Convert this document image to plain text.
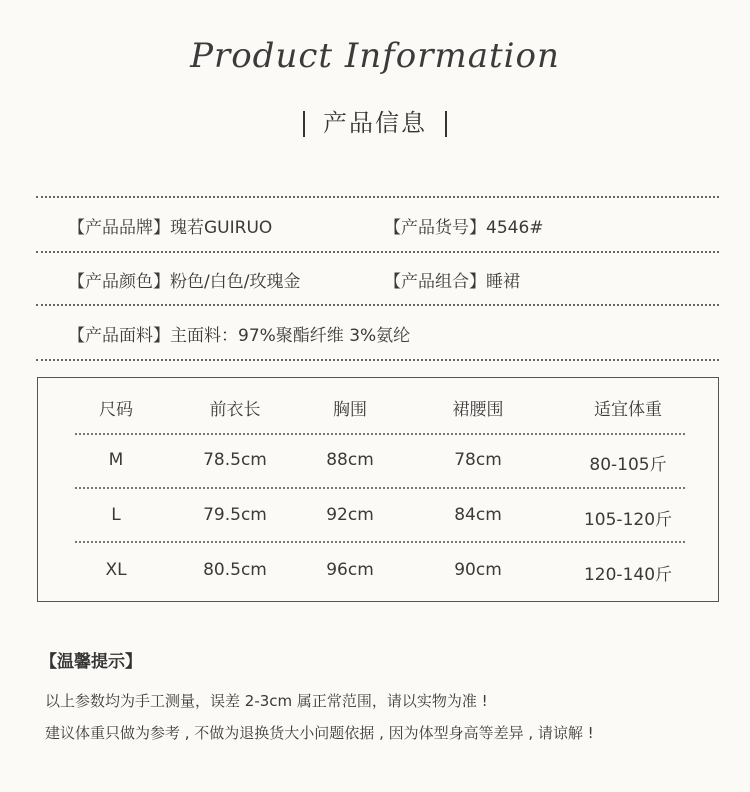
Product Information
产品信息
【产品品牌】瑰若GUIRUO	【产品货号】4546#
【产品颜色】粉色/白色/玫瑰金	【产品组合】睡裙
【产品面料】主面料：97%聚酯纤维 3%氨纶
尺码	前衣长	胸围	裙腰围	适宜体重
M	78.5cm	88cm	78cm	80-105斤
L	79.5cm	92cm	84cm	105-120斤
XL	80.5cm	96cm	90cm	120-140斤
【温馨提示】
以上参数均为手工测量，误差 2-3cm 属正常范围，请以实物为准 !
建议体重只做为参考 , 不做为退换货大小问题依据 , 因为体型身高等差异 , 请谅解 !
